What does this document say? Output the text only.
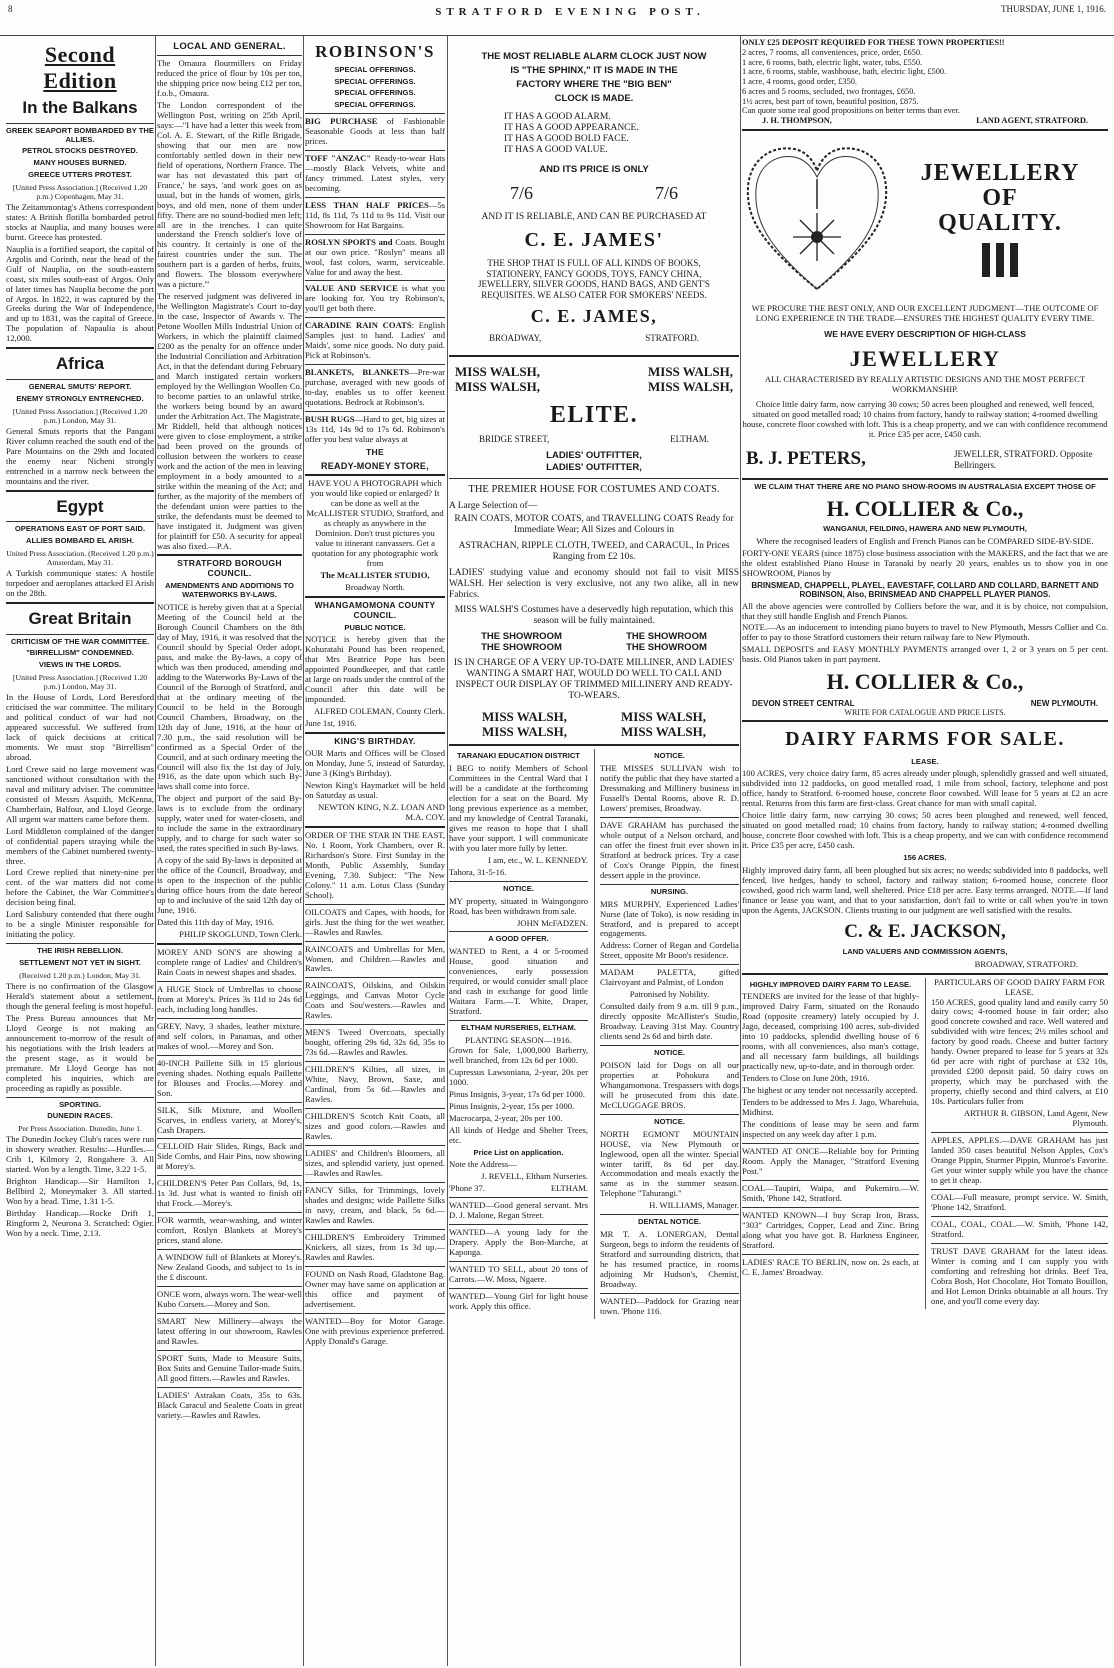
8	STRATFORD EVENING POST.	THURSDAY, JUNE 1, 1916.
Second Edition
In the Balkans
GREEK SEAPORT BOMBARDED BY THE ALLIES.
PETROL STOCKS DESTROYED.
MANY HOUSES BURNED.
GREECE UTTERS PROTEST.

[United Press Association.] (Received 1.20 p.m.) Copenhagen, May 31.

The Zeitammontag's Athens correspondent states: A British flotilla bombarded petrol stocks at Nauplia, and many houses were burnt. Greece has protested.

Nauplia is a fortified seaport, the capital of Argolis and Corinth, near the head of the Gulf of Nauplia, on the south-eastern coast, six miles south-east of Argos. Only of later times has Nauplia become the port of Argos. In 1822, it was captured by the Greeks during the War of Independence, and up to 1831, was the capital of Greece. The population of Napaulia is about 12,000.

Africa
GENERAL SMUTS' REPORT.
ENEMY STRONGLY ENTRENCHED.

[United Press Association.] (Received 1.20 p.m.) London, May 31.

General Smuts reports that the Pangani River column reached the south end of the Pare Mountains on the 29th and located the enemy near Nicheni strongly entrenched in a narrow neck between the mountains and the river.

Egypt
OPERATIONS EAST OF PORT SAID.
ALLIES BOMBARD EL ARISH.

United Press Association. (Received 1.20 p.m.) Amsterdam, May 31.

A Turkish communique states: A hostile torpedoer and aeroplanes attacked El Arish on the 28th.

Great Britain
CRITICISM OF THE WAR COMMITTEE.
"BIRRELLISM" CONDEMNED.
VIEWS IN THE LORDS.

[United Press Association.] (Received 1.20 p.m.) London, May 31.

In the House of Lords, Lord Beresford criticised the war committee. The military and political conduct of war had not appeared successful. We suffered from lack of quick decisions at critical moments. We must stop "Birrellism" abroad.

Lord Crewe said no large movement was sanctioned without consultation with the naval and military adviser. The committee consisted of Messrs Asquith, McKenna, Chamberlain, Balfour, and Lloyd George. All urgent war matters came before them.

Lord Middleton complained of the danger of confidential papers straying while the members of the Cabinet numbered twenty-three.

Lord Crewe replied that ninety-nine per cent. of the war matters did not come before the Cabinet, the War Committee's decision being final.

Lord Salisbury contended that there ought to be a single Minister responsible for initiating the policy.

THE IRISH REBELLION.
SETTLEMENT NOT YET IN SIGHT.

(Received 1.20 p.m.) London, May 31.

There is no confirmation of the Glasgow Herald's statement about a settlement, though the general feeling is most hopeful.

The Press Bureau announces that Mr Lloyd George is not making an announcement to-morrow of the result of his negotiations with the Irish leaders at the present stage, as it would be premature. Mr Lloyd George has not completed his inquiries, which are proceeding as rapidly as possible.

SPORTING.
DUNEDIN RACES.

Per Press Association. Dunedin, June 1.

The Dunedin Jockey Club's races were run in showery weather. Results:—Hurdles.—Crib 1, Kilmory 2, Rongahere 3. All started. Won by a length. Time, 3.22 1-5.

Brighton Handicap.—Sir Hamilton 1, Bellbird 2, Moneymaker 3. All started. Won by a head. Time, 1.31 1-5.

Birthday Handicap.—Rocke Drift 1, Ringform 2, Neurona 3. Scratched: Ogier. Won by a neck. Time, 2.13.

LOCAL AND GENERAL.

The Omaura flourmillers on Friday reduced the price of flour by 10s per ton, the shipping price now being £12 per ton, f.o.b., Omaura.

The London correspondent of the Wellington Post, writing on 25th April, says:—"I have had a letter this week from Col. A. E. Stewart, of the Rifle Brigade, showing that our men are now comfortably settled down in their new field of operations, Northern France. The war has not devastated this part of France,' he says, 'and work goes on as usual, but in the hands of women, girls, boys, and old men, none of them under fifty. There are no sound-bodied men left; all are in the trenches. I can quite understand the French soldier's love of his country. It certainly is one of the fairest countries under the sun. The southern part is a garden of herbs, fruits, and flowers. The blossom everywhere was a picture.'"

The reserved judgment was delivered in the Wellington Magistrate's Court to-day in the case, Inspector of Awards v. The Petone Woollen Mills Industrial Union of Workers, in which the plaintiff claimed £200 as the penalty for an offence under the Industrial Conciliation and Arbitration Act, in that the defendant during February and March instigated certain workers employed by the Wellington Woollen Co. to become parties to an unlawful strike, the workers being bound by an award under the Arbitration Act. The Magistrate, Mr Riddell, held that although notices were given to close employment, a strike had been proved on the grounds of collusion between the workers to cease work and the action of the men in leaving employment in a body amounted to a strike within the meaning of the Act; and further, as the majority of the members of the defendant union were parties to the strike, the defendants must be deemed to have instigated it. Judgment was given for plaintiff for £50. A security for appeal was also fixed.—P.A.

STRATFORD BOROUGH COUNCIL.
AMENDMENTS AND ADDITIONS TO WATERWORKS BY-LAWS.

NOTICE is hereby given that at a Special Meeting of the Council held at the Borough Council Chambers on the 8th day of May, 1916, it was resolved that the Council should by Special Order adopt, pass, and make the By-laws, a copy of which was then produced, amending and adding to the Waterworks By-Laws of the Council of the Borough of Stratford, and that at the ordinary meeting of the Council to be held in the Borough Council Chambers, Broadway, on the 12th day of June, 1916, at the hour of 7.30 p.m., the said resolution will be confirmed as a Special Order of the Council, and at such ordinary meeting the Council will also fix the 1st day of July, 1916, as the date upon which such By-laws shall come into force.

The object and purport of the said By-laws is to exclude from the ordinary supply, water used for water-closets, and to include the same in the extraordinary supply, and to charge for such water so used, the rates specified in such By-laws.

A copy of the said By-laws is deposited at the office of the Council, Broadway, and is open to the inspection of the public during office hours from the date hereof up to and inclusive of the said 12th day of June, 1916.

Dated this 11th day of May, 1916.

PHILIP SKOGLUND, Town Clerk.

MOREY AND SON'S are showing a complete range of Ladies' and Children's Rain Coats in newest shapes and shades.

A HUGE Stock of Umbrellas to choose from at Morey's. Prices 3s 11d to 24s 6d each, including long handles.

GREY, Navy, 3 shades, leather mixture, and self colors, in Panamas, and other makes of wool.—Morey and Son.

40-INCH Paillette Silk in 15 glorious evening shades. Nothing equals Paillette for Blouses and Frocks.—Morey and Son.

SILK, Silk Mixture, and Woollen Scarves, in endless variety, at Morey's, Cash Drapers.

CELLOID Hair Slides, Rings, Back and Side Combs, and Hair Pins, now showing at Morey's.

CHILDREN'S Peter Pan Collars, 9d, 1s, 1s 3d. Just what is wanted to finish off that Frock.—Morey's.

FOR warmth, wear-washing, and winter comfort, Roslyn Blankets at Morey's prices, stand alone.

A WINDOW full of Blankets at Morey's. New Zealand Goods, and subject to 1s in the £ discount.

ONCE worn, always worn. The wear-well Kubo Corsets.—Morey and Son.

SMART New Millinery—always the latest offering in our showroom, Rawles and Rawles.

SPORT Suits, Made to Measure Suits, Box Suits and Genuine Tailor-made Suits. All good fitters.—Rawles and Rawles.

LADIES' Astrakan Coats, 35s to 63s. Black Caracul and Sealette Coats in great variety.—Rawles and Rawles.

ROBINSON'S
SPECIAL OFFERINGS.
SPECIAL OFFERINGS.
SPECIAL OFFERINGS.
SPECIAL OFFERINGS.

BIG PURCHASE of Fashionable Seasonable Goods at less than half prices.

TOFF "ANZAC" Ready-to-wear Hats —mostly Black Velvets, white and fancy trimmed. Latest styles, very becoming.

LESS THAN HALF PRICES—5s 11d, 8s 11d, 7s 11d to 9s 11d. Visit our Showroom for Hat Bargains.

ROSLYN SPORTS and Coats. Bought at our own price. "Roslyn" means all wool, fast colors, warm, serviceable. Value for and away the best.

VALUE AND SERVICE is what you are looking for. You try Robinson's, you'll get both there.

CARADINE RAIN COATS: English Samples just to hand. Ladies' and Maids', some nice goods. No duty paid. Pick at Robinson's.

BLANKETS, BLANKETS—Pre-war purchase, averaged with new goods of to-day, enables us to offer keenest quotations. Bedrock at Robinson's.

BUSH RUGS—Hard to get, big sizes at 13s 11d, 14s 9d to 17s 6d. Robinson's offer you best value always at

THE
READY-MONEY STORE,

HAVE YOU A PHOTOGRAPH which you would like copied or enlarged? It can be done as well at the McALLISTER STUDIO, Stratford, and as cheaply as anywhere in the Dominion. Don't trust pictures you value to itinerant canvassers. Get a quotation for any photographic work from

The McALLISTER STUDIO,

Broadway North.

WHANGAMOMONA COUNTY COUNCIL.
PUBLIC NOTICE.

NOTICE is hereby given that the Kohuratahi Pound has been reopened, that Mrs Beatrice Pope has been appointed Poundkeeper, and that cattle at large on roads under the control of the Council after this date will be impounded.

ALFRED COLEMAN, County Clerk.

June 1st, 1916.

KING'S BIRTHDAY.

OUR Marts and Offices will be Closed on Monday, June 5, instead of Saturday, June 3 (King's Birthday).

Newton King's Haymarket will be held on Saturday as usual.

NEWTON KING, N.Z. LOAN AND M.A. COY.

ORDER OF THE STAR IN THE EAST, No. 1 Room, York Chambers, over R. Richardson's Store. First Sunday in the Month, Public Assembly, Sunday Evening, 7.30. Subject: "The New Colony." 11 a.m. Lotus Class (Sunday School).

OILCOATS and Capes, with hoods, for girls. Just the thing for the wet weather.—Rawles and Rawles.

RAINCOATS and Umbrellas for Men, Women, and Children.—Rawles and Rawles.

RAINCOATS, Oilskins, and Oilskin Leggings, and Canvas Motor Cycle Coats and Sou'westers.—Rawles and Rawles.

MEN'S Tweed Overcoats, specially bought, offering 29s 6d, 32s 6d, 35s to 73s 6d.—Rawles and Rawles.

CHILDREN'S Kilties, all sizes, in White, Navy, Brown, Saxe, and Cardinal, from 5s 6d.—Rawles and Rawles.

CHILDREN'S Scotch Knit Coats, all sizes and good colors.—Rawles and Rawles.

LADIES' and Children's Bloomers, all sizes, and splendid variety, just opened.—Rawles and Rawles.

FANCY Silks, for Trimmings, lovely shades and designs; wide Paillette Silks in navy, cream, and black, 5s 6d.—Rawles and Rawles.

CHILDREN'S Embroidery Trimmed Knickers, all sizes, from 1s 3d up.—Rawles and Rawles.

FOUND on Nash Road, Gladstone Bag. Owner may have same on application at this office and payment of advertisement.

WANTED—Boy for Motor Garage. One with previous experience preferred. Apply Donald's Garage.

THE MOST RELIABLE ALARM CLOCK JUST NOW
IS "THE SPHINX," IT IS MADE IN THE
FACTORY WHERE THE "BIG BEN"
CLOCK IS MADE.
IT HAS A GOOD ALARM.
IT HAS A GOOD APPEARANCE.
IT HAS A GOOD BOLD FACE.
IT HAS A GOOD VALUE.
AND ITS PRICE IS ONLY
7/6	7/6
AND IT IS RELIABLE, AND CAN BE PURCHASED AT
C. E. JAMES'

THE SHOP THAT IS FULL OF ALL KINDS OF BOOKS, STATIONERY, FANCY GOODS, TOYS, FANCY CHINA, JEWELLERY, SILVER GOODS, HAND BAGS, AND GENT'S REQUISITES. WE ALSO CATER FOR SMOKERS' NEEDS.

C. E. JAMES,
BROADWAY,	STRATFORD.
MISS WALSH,
MISS WALSH,
MISS WALSH,
MISS WALSH,
ELITE.
BRIDGE STREET,	ELTHAM.
LADIES' OUTFITTER,
LADIES' OUTFITTER,
THE PREMIER HOUSE FOR COSTUMES AND COATS.

A Large Selection of—

RAIN COATS, MOTOR COATS, and TRAVELLING COATS Ready for Immediate Wear; All Sizes and Colours in

ASTRACHAN, RIPPLE CLOTH, TWEED, and CARACUL, In Prices Ranging from £2 10s.

LADIES' studying value and economy should not fail to visit MISS WALSH. Her selection is very exclusive, not any two alike, all in new Fabrics.

MISS WALSH'S Costumes have a deservedly high reputation, which this season will be fully maintained.

THE SHOWROOM
THE SHOWROOM
THE SHOWROOM
THE SHOWROOM

IS IN CHARGE OF A VERY UP-TO-DATE MILLINER, AND LADIES' WANTING A SMART HAT, WOULD DO WELL TO CALL AND INSPECT OUR DISPLAY OF TRIMMED MILLINERY AND READY-TO-WEARS.

MISS WALSH,
MISS WALSH,
MISS WALSH,
MISS WALSH,
TARANAKI EDUCATION DISTRICT

I BEG to notify Members of School Committees in the Central Ward that I will be a candidate at the forthcoming election for a seat on the Board. My long previous experience as a member, and my knowledge of Central Taranaki, gives me reason to hope that I shall have your support. I will communicate with you later more fully by letter.

I am, etc., W. L. KENNEDY.

Tahora, 31-5-16.

NOTICE.

MY property, situated in Waingongoro Road, has been withdrawn from sale.

JOHN McFADZEN.

A GOOD OFFER.

WANTED to Rent, a 4 or 5-roomed House, good situation and conveniences, early possession required, or would consider small place and cash in exchange for good little Waitara Farm.—T. White, Draper, Stratford.

ELTHAM NURSERIES, ELTHAM.
PLANTING SEASON—1916.

Grown for Sale, 1,000,000 Barberry, well branched, from 12s 6d per 1000.

Cupressus Lawsoniana, 2-year, 20s per 1000.

Pinus Insignis, 3-year, 17s 6d per 1000.

Pinus Insignis, 2-year, 15s per 1000.

Macrocarpa, 2-year, 20s per 100.

All kinds of Hedge and Shelter Trees, etc.

Price List on application.

Note the Address—

J. REVELL, Eltham Nurseries.

'Phone 37.	ELTHAM.

WANTED—Good general servant. Mrs D. J. Malone, Regan Street.

WANTED—A young lady for the Drapery. Apply the Bon-Marche, at Kaponga.

WANTED TO SELL, about 20 tons of Carrots.—W. Moss, Ngaere.

WANTED—Young Girl for light house work. Apply this office.

NOTICE.

THE MISSES SULLIVAN wish to notify the public that they have started a Dressmaking and Millinery business in Fussell's Dental Rooms, above R. D. Lowers' premises, Broadway.

DAVE GRAHAM has purchased the whole output of a Nelson orchard, and can offer the finest fruit ever shown in Stratford at bedrock prices. Try a case of Cox's Orange Pippin, the finest dessert apple in the province.

NURSING.

MRS MURPHY, Experienced Ladies' Nurse (late of Toko), is now residing in Stratford, and is prepared to accept engagements.

Address: Corner of Regan and Cordelia Street, opposite Mr Boon's residence.

MADAM PALETTA, gifted Clairvoyant and Palmist, of London

Patronised by Nobility.

Consulted daily from 9 a.m. till 9 p.m., directly opposite McAllister's Studio, Broadway. Leaving 31st May. Country clients send 2s 6d and birth date.

NOTICE.

POISON laid for Dogs on all our properties at Pohokura and Whangamomona. Trespassers with dogs will be prosecuted from this date. McCLUGGAGE BROS.

NOTICE.

NORTH EGMONT MOUNTAIN HOUSE, via New Plymouth or Inglewood, open all the winter. Special winter tariff, 8s 6d per day. Accommodation and meals exactly the same as in the summer season. Telephone "Tahurangi."

H. WILLIAMS, Manager.

DENTAL NOTICE.

MR T. A. LONERGAN, Dental Surgeon, begs to inform the residents of Stratford and surrounding districts, that he has resumed practice, in rooms adjoining Mr Hudson's, Chemist, Broadway.

WANTED—Paddock for Grazing near town. 'Phone 116.

ONLY £25 DEPOSIT REQUIRED FOR THESE TOWN PROPERTIES!!
2 acres, 7 rooms, all conveniences, price, order, £650.
1 acre, 6 rooms, bath, electric light, water, tubs, £550.
1 acre, 6 rooms, stable, washhouse, bath, electric light, £500.
1 acre, 4 rooms, good order, £350.
6 acres and 5 rooms, secluded, two frontages, £650.
1½ acres, best part of town, beautiful position, £875.
Can quote some real good propositions on better terms than ever.
J. H. THOMPSON,	LAND AGENT, STRATFORD.
JEWELLERY
OF
QUALITY.

WE PROCURE THE BEST ONLY, AND OUR EXCELLENT JUDGMENT—THE OUTCOME OF LONG EXPERIENCE IN THE TRADE—ENSURES THE HIGHEST QUALITY EVERY TIME.

WE HAVE EVERY DESCRIPTION OF HIGH-CLASS
JEWELLERY

ALL CHARACTERISED BY REALLY ARTISTIC DESIGNS AND THE MOST PERFECT WORKMANSHIP.

Choice little dairy farm, now carrying 30 cows; 50 acres been ploughed and renewed, well fenced, situated on good metalled road; 10 chains from factory, handy to railway station; 4-roomed dwelling house, concrete floor cowshed with loft. This is a cheap property, and we can with confidence recommend it. Price £35 per acre, £450 cash.

B. J. PETERS,	JEWELLER, STRATFORD. Opposite Bellringers.
WE CLAIM THAT THERE ARE NO PIANO SHOW-ROOMS IN AUSTRALASIA EXCEPT THOSE OF
H. COLLIER & Co.,
WANGANUI, FEILDING, HAWERA AND NEW PLYMOUTH,

Where the recognised leaders of English and French Pianos can be COMPARED SIDE-BY-SIDE.

FORTY-ONE YEARS (since 1875) close business association with the MAKERS, and the fact that we are the oldest established Piano House in Taranaki by nearly 20 years, enables us to show you in one SHOWROOM, Pianos by

BRINSMEAD, CHAPPELL, PLAYEL, EAVESTAFF, COLLARD AND COLLARD, BARNETT AND ROBINSON, Also, BRINSMEAD AND CHAPPELL PLAYER PIANOS.

All the above agencies were controlled by Colliers before the war, and it is by choice, not compulsion, that they still handle English and French Pianos.

NOTE.—As an inducement to intending piano buyers to travel to New Plymouth, Messrs Collier and Co. offer to pay to those Stratford customers their return railway fare to New Plymouth.

SMALL DEPOSITS and EASY MONTHLY PAYMENTS arranged over 1, 2 or 3 years on 5 per cent. basis. Old Pianos taken in part payment.

H. COLLIER & Co.,
DEVON STREET CENTRAL	NEW PLYMOUTH.
WRITE FOR CATALOGUE AND PRICE LISTS.
DAIRY FARMS FOR SALE.
LEASE.

100 ACRES, very choice dairy farm, 85 acres already under plough, splendidly grassed and well situated, subdivided into 12 paddocks, on good metalled road, 1 mile from school, factory, telephone and post office, handy to Stratford. 6-roomed house, concrete floor cowshed. Will lease for 5 years at £2 an acre rental. Returns from this farm are first-class. Great chance for man with small capital.

Choice little dairy farm, now carrying 30 cows; 50 acres been ploughed and renewed, well fenced, situated on good metalled road; 10 chains from factory, handy to railway station; 4-roomed dwelling house, concrete floor cowshed with loft. This is a cheap property, and we can with confidence recommend it. Price £35 per acre, £450 cash.

156 ACRES.

Highly improved dairy farm, all been ploughed but six acres; no weeds; subdivided into 8 paddocks, well fenced, live hedges, handy to school, factory and railway station; 6-roomed house, concrete floor cowshed, good rich warm land, well sheltered. Price £18 per acre. Easy terms arranged. NOTE.—If land finance or lease you want, and that to your satisfaction, don't fail to write or call when you're in town upon the Agents, JACKSON. Clients trusting to our judgment are well satisfied with the results.

C. & E. JACKSON,
LAND VALUERS AND COMMISSION AGENTS,
BROADWAY, STRATFORD.
HIGHLY IMPROVED DAIRY FARM TO LEASE.

TENDERS are invited for the lease of that highly-improved Dairy Farm, situated on the Ronaudo Road (opposite creamery) lately occupied by J. Jago, deceased, comprising 100 acres, sub-divided into 10 paddocks, splendid dwelling house of 6 rooms, with all conveniences, also man's cottage, and all necessary farm buildings, all buildings practically new, up-to-date, and in thorough order.

Tenders to Close on June 20th, 1916.

The highest or any tender not necessarily accepted.

Tenders to be addressed to Mrs J. Jago, Wharehuia, Midhirst.

The conditions of lease may be seen and farm inspected on any week day after 1 p.m.

WANTED AT ONCE—Reliable boy for Printing Room. Apply the Manager, "Stratford Evening Post."

COAL—Taupiri, Waipa, and Pukemiro.—W. Smith, 'Phone 142, Stratford.

WANTED KNOWN—I buy Scrap Iron, Brass, "303" Cartridges, Copper, Lead and Zinc. Bring along what you have got. B. Harkness Engineer, Stratford.

LADIES' RACE TO BERLIN, now on. 2s each, at C. E. James' Broadway.

PARTICULARS OF GOOD DAIRY FARM FOR LEASE.

150 ACRES, good quality land and easily carry 50 dairy cows; 4-roomed house in fair order; also good concrete cowshed and race. Well watered and subdivided with wire fences; 2½ miles school and factory by good roads. Cheese and butter factory handy. Owner prepared to lease for 5 years at 32s 6d per acre with right of purchase at £32 10s, provided £200 deposit paid. 50 dairy cows on property, which may be purchased with the property, chiefly second and third calvers, at £10 10s. Particulars fuller from

ARTHUR B. GIBSON, Land Agent, New Plymouth.

APPLES, APPLES.—DAVE GRAHAM has just landed 350 cases beautiful Nelson Apples, Cox's Orange Pippin, Sturmer Pippin, Munroe's Favorite. Get your winter supply while you have the chance to get it cheap.

COAL—Full measure, prompt service. W. Smith, 'Phone 142, Stratford.

COAL, COAL, COAL.—W. Smith, 'Phone 142, Stratford.

TRUST DAVE GRAHAM for the latest ideas. Winter is coming and I can supply you with comforting and refreshing hot drinks. Beef Tea, Cobra Bosh, Hot Chocolate, Hot Tomato Bouillon, and Hot Lemon Drinks obtainable at all hours. Try one, and you'll come every day.
